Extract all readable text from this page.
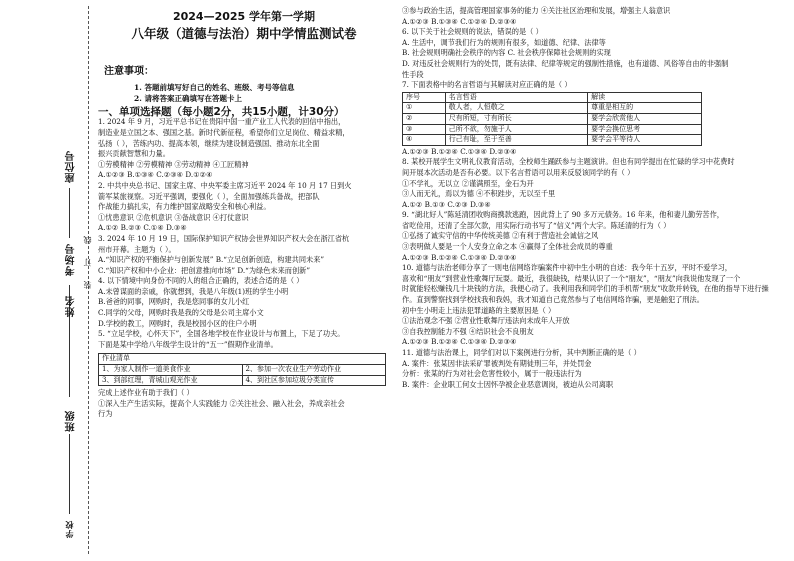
装 订 线
座位号
考场号
姓名
班级
学校
2024—2025 学年第一学期
八年级（道德与法治）期中学情监测试卷
注意事项：

1. 答题前填写好自己的姓名、班级、考号等信息

2. 请将答案正确填写在答题卡上

一、单项选择题（每小题2分，共15小题，计30分）

1. 2024 年 9 月，习近平总书记在贵阳中国一重产业工人代表的回信中指出，

制造业是立国之本、强国之基。新时代新征程，希望你们立足岗位、精益求精，

弘扬（ ），苦练内功、提高本领，继续为建设制造强国、推动东北全面

振兴贡献智慧和力量。

①劳模精神 ②劳模精神 ③劳动精神 ④工匠精神

A.①②③ B.①③④ C.②③④ D.①②④

2. 中共中央总书记、国家主席、中央军委主席习近平 2024 年 10 月 17 日到火

箭军某旅视察。习近平强调，要强化（ ），全面加强练兵备战，把部队

作战能力搞扎实，有力维护国家战略安全和核心利益。

①忧患意识 ②危机意识 ③备战意识 ④打仗意识

A.①② B.②③ C.①④ D.③④

3. 2024 年 10 月 19 日，国际保护知识产权协会世界知识产权大会在浙江省杭

州市开幕。主题为（ ）。

A.“知识产权的平衡保护与创新发展” B.“立足创新创造，构建共同未来”

C.“知识产权和中小企业：把创意推向市场” D.“为绿色未来而创新”

4. 以下情境中向身份不同的人的组合正确的，表述合适的是（ ）

A.未曾谋面的亲戚，你就想到，我是八年级(1)班的学生小明

B.爸爸的同事，网购时，我是您同事的女儿小红

C.同学的父母，网购时我是我的父母是公司主席小文

D.学校的教工，网购时，我是校园小区的住户小明

5. “立足学校，心怀天下”，全国各地学校在作业设计与布置上，下足了功夫。

下面是某中学给八年级学生设计的“五一”假期作业清单。

作业清单	
1、为家人制作一道美食作业	2、参加一次农业生产劳动作业
3、到部红理，青城山观光作业	4、到社区参加垃圾分类宣传

完成上述作业有助于我们（ ）

①深入生产生活实际，提高个人实践能力 ②关注社会、融入社会，养成亲社会

行为

③参与政治生活，提高管理国家事务的能力 ④关注社区治理和发展，增强主人翁意识

A.①②③ B.①③④ C.①②④ D.②③④

6. 以下关于社会规则的说法，错误的是（ ）

A. 生活中，调节我们行为的规则有很多，如道德、纪律、法律等

B. 社会规则明确社会秩序的内容 C. 社会秩序保障社会规则的实现

D. 对违反社会规则行为的处罚，既有法律、纪律等规定的强制性措施，也有道德、风俗等自由的非强制

性手段

7. 下面表格中的名言哲语与其解读对应正确的是（ ）

序号	名言哲语	解读
①	敬人者，人恒敬之	尊重是相互的
②	尺有所短，寸有所长	要学会欣赏他人
③	己所不欲，勿施于人	要学会换位思考
④	行己有耻，至于至善	要学会平等待人

A.①②③ B.①②④ C.①③④ D.②③④

8. 某校开展学生文明礼仪教育活动，全校师生踊跃参与主题演讲。但也有同学提出在忙碌的学习中花费时

间开展本次活动是否有必要。以下名言哲语可以用来反驳该同学的有（ ）

①不学礼，无以立 ②谨满照至，金石为开

③人而无礼，焉以为德 ④不积跬步，无以至千里

A.①② B.①③ C.②③ D.③④

9. “湖北好人”陈延清团收购商携款逃跑，因此背上了 90 多万元债务。16 年来，他和妻儿勤劳苦作，

省吃俭用，还清了全部欠款，用实际行动书写了“信义”两个大字。陈延清的行为（ ）

①弘扬了诚实守信的中华传统美德 ②有利于营造社会诚信之风

③表明做人要是一个人安身立命之本 ④赢得了全体社会成员的尊重

A.①②③ B.①②④ C.①③④ D.②③④

10. 道德与法治老师分享了一则电信网络诈骗案件中初中生小明的自述：我今年十五岁，平时不爱学习，

喜欢和“朋友”到营业性歌舞厅玩耍。最近，我很缺钱，结果认识了一个“朋友”，“朋友”向我说他发现了一个

时就能轻松赚钱几十块钱的方法，我便心动了。我利用我和同学们的手机帮“朋友”收款并转钱，在他的指导下进行操

作。直到警察找到学校找我和我妈，我才知道自己竟然参与了电信网络诈骗，更是触犯了刑法。

初中生小明走上违法犯罪道路的主要原因是（ ）

①法治观念不强 ②营业性歌舞厅违法向未成年人开放

③自我控制能力不强 ④结识社会不良朋友

A.①②③ B.①②④ C.①③④ D.②③④

11. 道德与法治课上，同学们对以下案例进行分析，其中判断正确的是（ ）

A. 案件：张某因非法采矿罪被判处有期徒刑三年，并处罚金

分析：张某的行为对社会危害性较小，属于一般违法行为

B. 案件：企业职工何女士因怀孕被企业恶意调岗，被迫从公司离职
